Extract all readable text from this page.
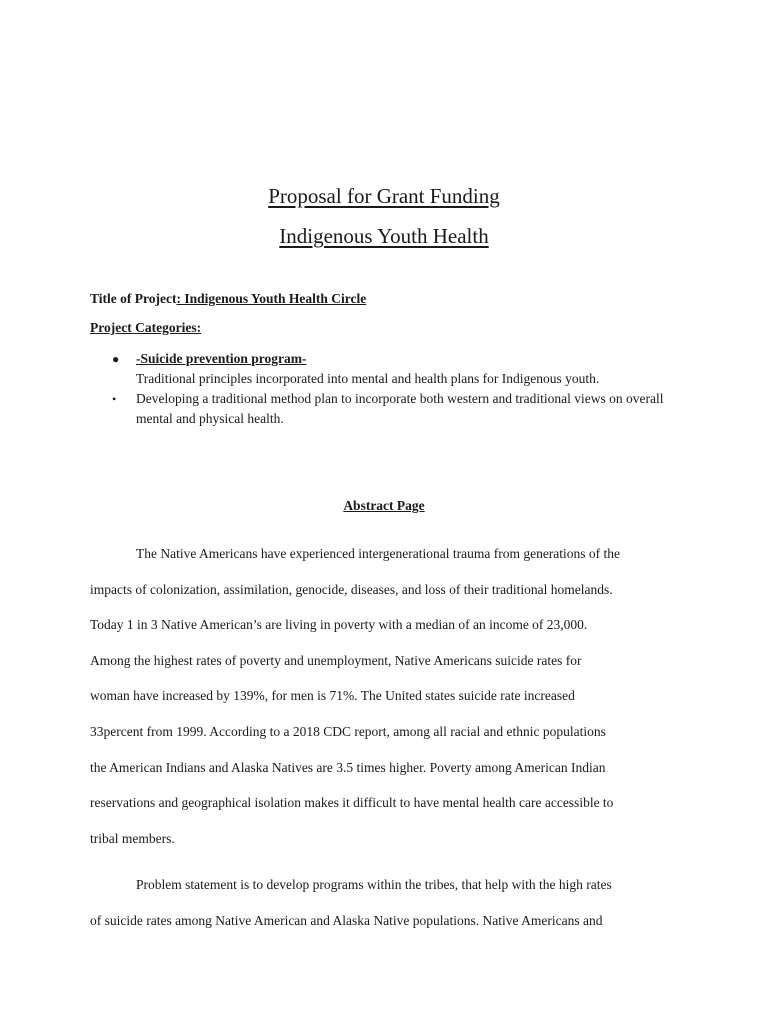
Proposal for Grant Funding
Indigenous Youth Health
Title of Project: Indigenous Youth Health Circle
Project Categories:
● -Suicide prevention program-
Traditional principles incorporated into mental and health plans for Indigenous youth.
• Developing a traditional method plan to incorporate both western and traditional views on overall mental and physical health.
Abstract Page
The Native Americans have experienced intergenerational trauma from generations of the
impacts of colonization, assimilation, genocide, diseases, and loss of their traditional homelands.
Today 1 in 3 Native American’s are living in poverty with a median of an income of 23,000.
Among the highest rates of poverty and unemployment, Native Americans suicide rates for
woman have increased by 139%, for men is 71%. The United states suicide rate increased
33percent from 1999. According to a 2018 CDC report, among all racial and ethnic populations
the American Indians and Alaska Natives are 3.5 times higher. Poverty among American Indian
reservations and geographical isolation makes it difficult to have mental health care accessible to
tribal members.
Problem statement is to develop programs within the tribes, that help with the high rates
of suicide rates among Native American and Alaska Native populations. Native Americans and
